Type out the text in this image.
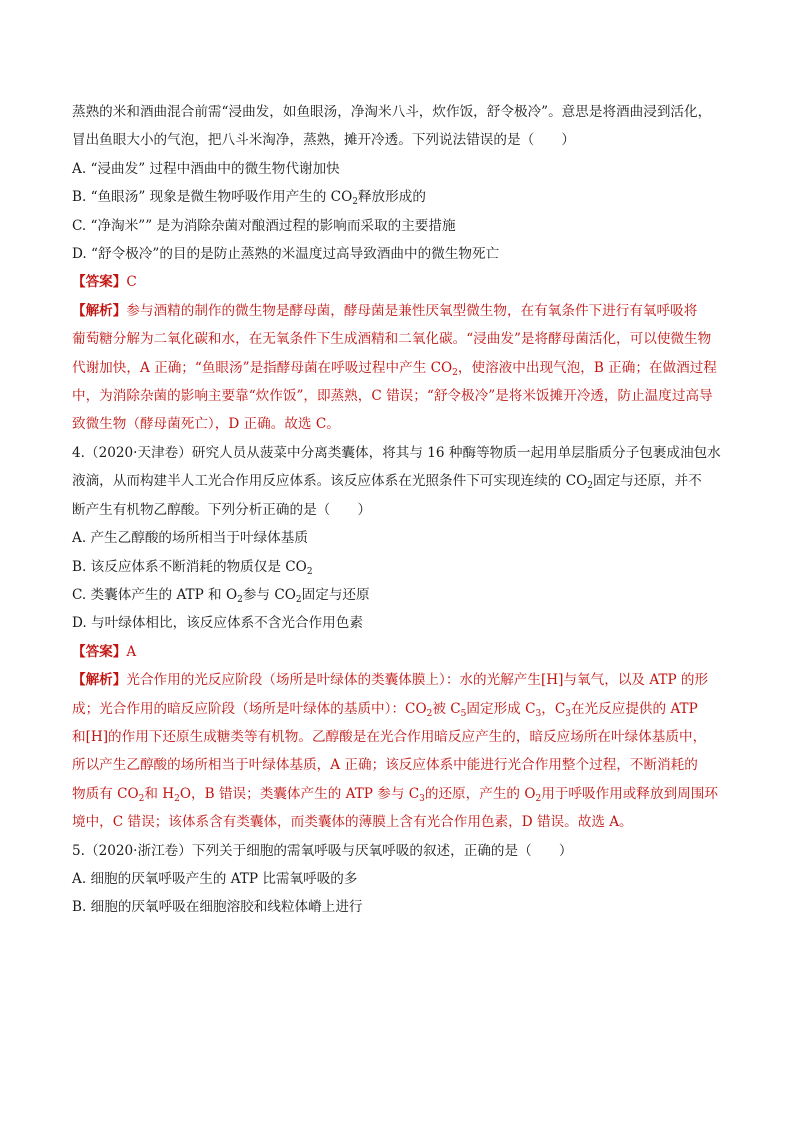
蒸熟的米和酒曲混合前需“浸曲发，如鱼眼汤，净淘米八斗，炊作饭，舒令极冷”。意思是将酒曲浸到活化，
冒出鱼眼大小的气泡，把八斗米淘净，蒸熟，摊开冷透。下列说法错误的是（　　）
A. “浸曲发” 过程中酒曲中的微生物代谢加快
B. “鱼眼汤” 现象是微生物呼吸作用产生的 $CO_2$释放形成的
C. “净淘米”” 是为消除杂菌对酿酒过程的影响而采取的主要措施
D. “舒令极冷”的目的是防止蒸熟的米温度过高导致酒曲中的微生物死亡
【答案】C
【解析】参与酒精的制作的微生物是酵母菌，酵母菌是兼性厌氧型微生物，在有氧条件下进行有氧呼吸将
葡萄糖分解为二氧化碳和水，在无氧条件下生成酒精和二氧化碳。“浸曲发”是将酵母菌活化，可以使微生物
代谢加快，A 正确；“鱼眼汤”是指酵母菌在呼吸过程中产生 $CO_2$，使溶液中出现气泡，B 正确；在做酒过程
中，为消除杂菌的影响主要靠“炊作饭”，即蒸熟，C 错误；“舒令极冷”是将米饭摊开冷透，防止温度过高导
致微生物（酵母菌死亡），D 正确。故选 C。
4.（2020·天津卷）研究人员从菠菜中分离类囊体，将其与 16 种酶等物质一起用单层脂质分子包裹成油包水
液滴，从而构建半人工光合作用反应体系。该反应体系在光照条件下可实现连续的 $CO_2$固定与还原，并不
断产生有机物乙醇酸。下列分析正确的是（　　）
A. 产生乙醇酸的场所相当于叶绿体基质
B. 该反应体系不断消耗的物质仅是 $CO_2$
C. 类囊体产生的 ATP 和 $O_2$参与 $CO_2$固定与还原
D. 与叶绿体相比，该反应体系不含光合作用色素
【答案】A
【解析】光合作用的光反应阶段（场所是叶绿体的类囊体膜上）：水的光解产生[H]与氧气，以及 ATP 的形
成；光合作用的暗反应阶段（场所是叶绿体的基质中）：$CO_2$被 $C_5$固定形成 $C_3$，$C_3$在光反应提供的 ATP
和[H]的作用下还原生成糖类等有机物。乙醇酸是在光合作用暗反应产生的，暗反应场所在叶绿体基质中，
所以产生乙醇酸的场所相当于叶绿体基质，A 正确；该反应体系中能进行光合作用整个过程，不断消耗的
物质有 $CO_2$和 $H_2O$，B 错误；类囊体产生的 ATP 参与 $C_3$的还原，产生的 $O_2$用于呼吸作用或释放到周围环
境中，C 错误；该体系含有类囊体，而类囊体的薄膜上含有光合作用色素，D 错误。故选 A。
5.（2020·浙江卷）下列关于细胞的需氧呼吸与厌氧呼吸的叙述，正确的是（　　）
A. 细胞的厌氧呼吸产生的 ATP 比需氧呼吸的多
B. 细胞的厌氧呼吸在细胞溶胶和线粒体嵴上进行
